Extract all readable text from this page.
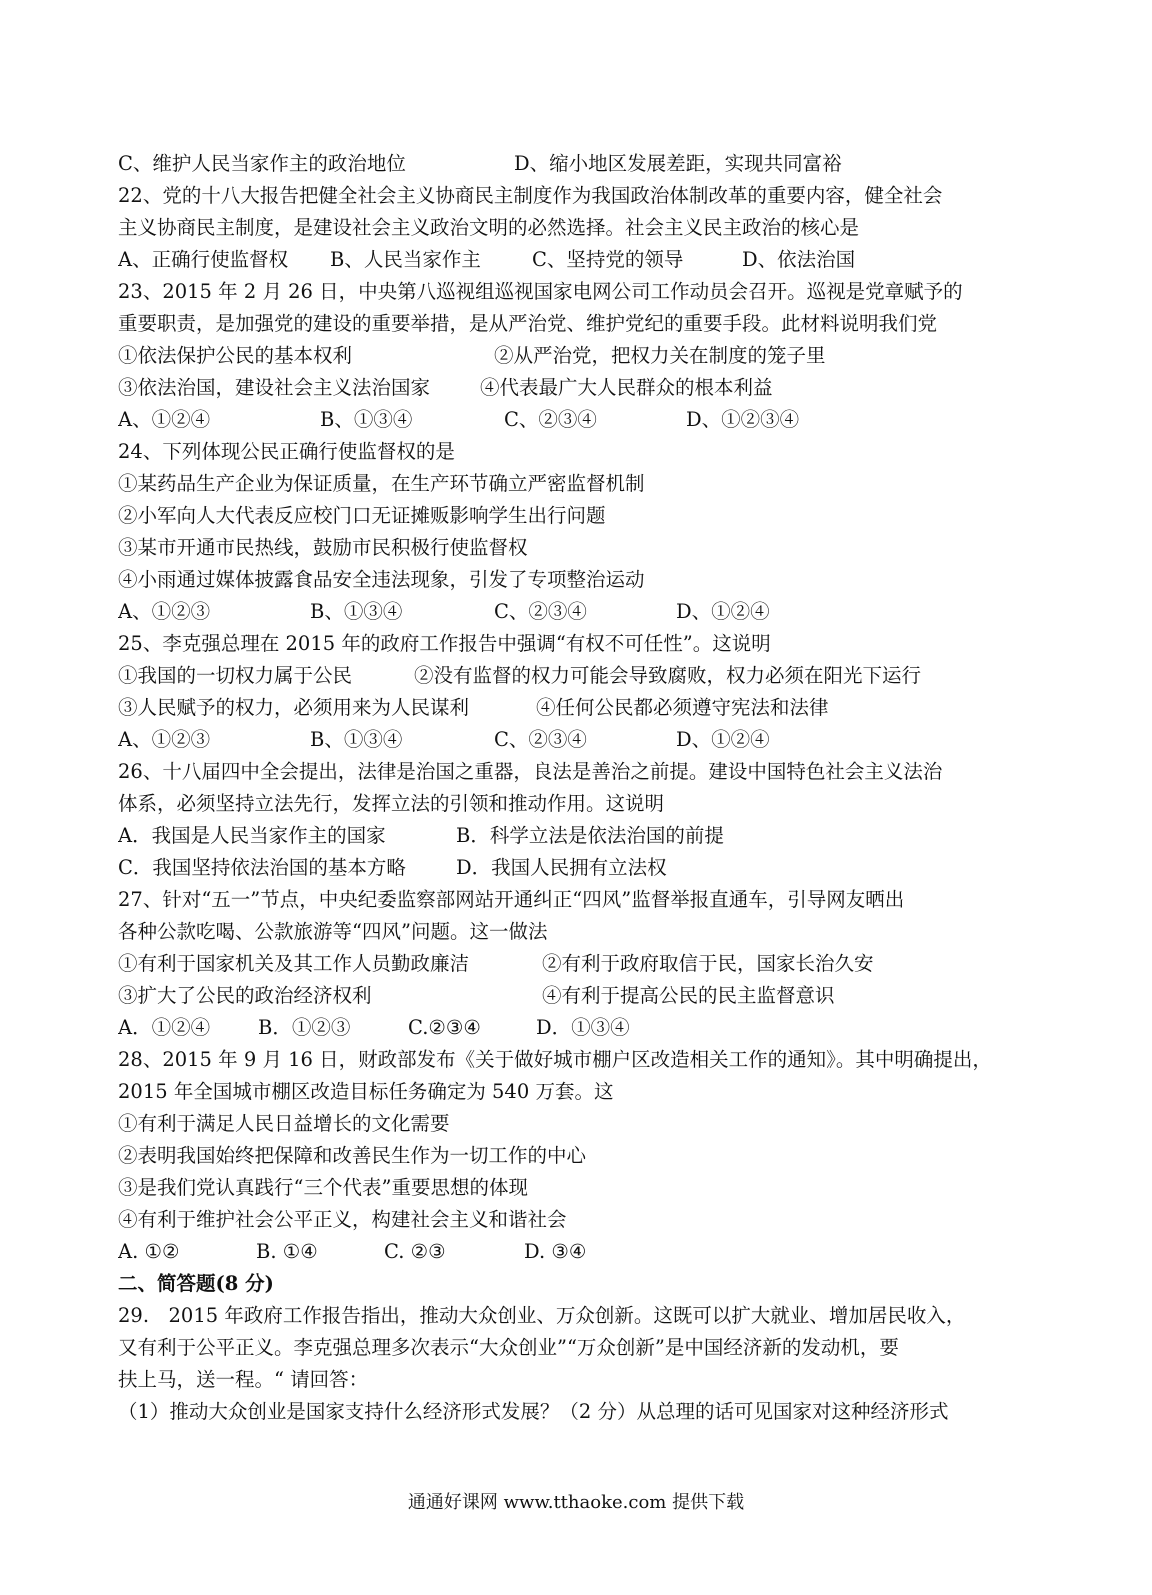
C、维护人民当家作主的政治地位	D、缩小地区发展差距，实现共同富裕
22、党的十八大报告把健全社会主义协商民主制度作为我国政治体制改革的重要内容，健全社会
主义协商民主制度，是建设社会主义政治文明的必然选择。社会主义民主政治的核心是
A、正确行使监督权 B、人民当家作主	C、坚持党的领导	D、依法治国
23、2015 年 2 月 26 日，中央第八巡视组巡视国家电网公司工作动员会召开。巡视是党章赋予的
重要职责，是加强党的建设的重要举措，是从严治党、维护党纪的重要手段。此材料说明我们党
①依法保护公民的基本权利	②从严治党，把权力关在制度的笼子里
③依法治国，建设社会主义法治国家	④代表最广大人民群众的根本利益
A、①②④	B、①③④	C、②③④	D、①②③④
24、下列体现公民正确行使监督权的是
①某药品生产企业为保证质量，在生产环节确立严密监督机制
②小军向人大代表反应校门口无证摊贩影响学生出行问题
③某市开通市民热线，鼓励市民积极行使监督权
④小雨通过媒体披露食品安全违法现象，引发了专项整治运动
A、①②③	B、①③④	C、②③④	D、①②④
25、李克强总理在 2015 年的政府工作报告中强调“有权不可任性”。这说明
①我国的一切权力属于公民	②没有监督的权力可能会导致腐败，权力必须在阳光下运行
③人民赋予的权力，必须用来为人民谋利	④任何公民都必须遵守宪法和法律
A、①②③	B、①③④	C、②③④	D、①②④
26、十八届四中全会提出，法律是治国之重器，良法是善治之前提。建设中国特色社会主义法治
体系，必须坚持立法先行，发挥立法的引领和推动作用。这说明
A．我国是人民当家作主的国家	B．科学立法是依法治国的前提
C．我国坚持依法治国的基本方略	D．我国人民拥有立法权
27、针对“五一”节点，中央纪委监察部网站开通纠正“四风”监督举报直通车，引导网友晒出
各种公款吃喝、公款旅游等“四风”问题。这一做法
①有利于国家机关及其工作人员勤政廉洁	②有利于政府取信于民，国家长治久安
③扩大了公民的政治经济权利	④有利于提高公民的民主监督意识
A．①②④ B．①②③	C.②③④	D．①③④
28、2015 年 9 月 16 日，财政部发布《关于做好城市棚户区改造相关工作的通知》。其中明确提出，
2015 年全国城市棚区改造目标任务确定为 540 万套。这
①有利于满足人民日益增长的文化需要
②表明我国始终把保障和改善民生作为一切工作的中心
③是我们党认真践行“三个代表”重要思想的体现
④有利于维护社会公平正义，构建社会主义和谐社会
A. ①②	B. ①④	C. ②③	D. ③④
二、简答题(8 分)
29.　2015 年政府工作报告指出，推动大众创业、万众创新。这既可以扩大就业、增加居民收入，
又有利于公平正义。李克强总理多次表示“大众创业”“万众创新”是中国经济新的发动机，要
扶上马，送一程。“ 请回答：
（1）推动大众创业是国家支持什么经济形式发展？（2 分）从总理的话可见国家对这种经济形式
通通好课网 www.tthaoke.com 提供下载
